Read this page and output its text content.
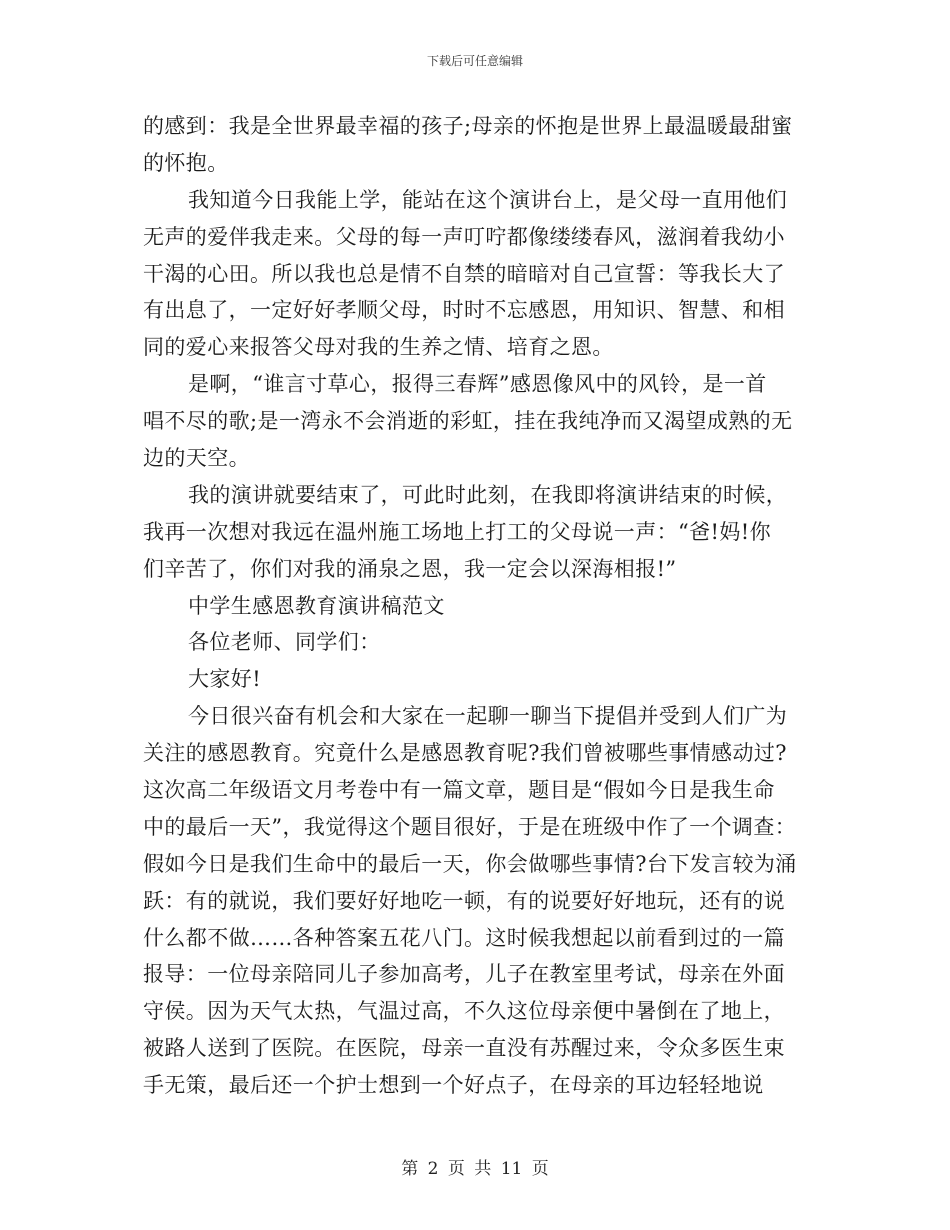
下载后可任意编辑
的感到：我是全世界最幸福的孩子;母亲的怀抱是世界上最温暖最甜蜜
的怀抱。
我知道今日我能上学，能站在这个演讲台上，是父母一直用他们
无声的爱伴我走来。父母的每一声叮咛都像缕缕春风，滋润着我幼小
干渴的心田。所以我也总是情不自禁的暗暗对自己宣誓：等我长大了
有出息了，一定好好孝顺父母，时时不忘感恩，用知识、智慧、和相
同的爱心来报答父母对我的生养之情、培育之恩。
是啊，“谁言寸草心，报得三春辉”感恩像风中的风铃，是一首
唱不尽的歌;是一湾永不会消逝的彩虹，挂在我纯净而又渴望成熟的无
边的天空。
我的演讲就要结束了，可此时此刻，在我即将演讲结束的时候，
我再一次想对我远在温州施工场地上打工的父母说一声：“爸!妈!你
们辛苦了，你们对我的涌泉之恩，我一定会以深海相报!”
中学生感恩教育演讲稿范文
各位老师、同学们：
大家好!
今日很兴奋有机会和大家在一起聊一聊当下提倡并受到人们广为
关注的感恩教育。究竟什么是感恩教育呢?我们曾被哪些事情感动过?
这次高二年级语文月考卷中有一篇文章，题目是“假如今日是我生命
中的最后一天”，我觉得这个题目很好，于是在班级中作了一个调查：
假如今日是我们生命中的最后一天，你会做哪些事情?台下发言较为涌
跃：有的就说，我们要好好地吃一顿，有的说要好好地玩，还有的说
什么都不做……各种答案五花八门。这时候我想起以前看到过的一篇
报导：一位母亲陪同儿子参加高考，儿子在教室里考试，母亲在外面
守侯。因为天气太热，气温过高，不久这位母亲便中暑倒在了地上，
被路人送到了医院。在医院，母亲一直没有苏醒过来，令众多医生束
手无策，最后还一个护士想到一个好点子，在母亲的耳边轻轻地说
第 2 页 共 11 页
